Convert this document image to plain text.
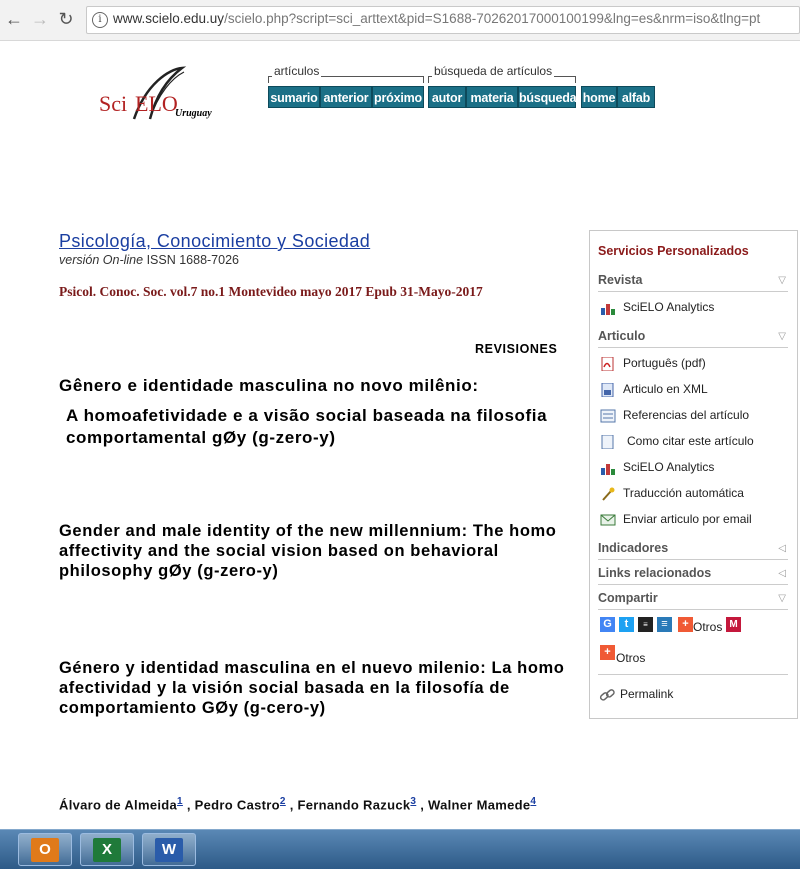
← → ↻	i www.scielo.edu.uy/scielo.php?script=sci_arttext&pid=S1688-70262017000100199&lng=es&nrm=iso&tlng=pt
Sci ELO
Uruguay
artículos
sumario anterior próximo
búsqueda de artículos
autor materia búsqueda home alfab
Psicología, Conocimiento y Sociedad
versión On-line ISSN 1688-7026
Psicol. Conoc. Soc. vol.7 no.1 Montevideo mayo 2017 Epub 31-Mayo-2017
REVISIONES
Gênero e identidade masculina no novo milênio:
A homoafetividade e a visão social baseada na filosofia comportamental gØy (g-zero-y)
Gender and male identity of the new millennium: The homo affectivity and the social vision based on behavioral philosophy gØy (g-zero-y)
Género y identidad masculina en el nuevo milenio: La homo afectividad y la visión social basada en la filosofía de comportamiento GØy (g-cero-y)
Álvaro de Almeida$^1$ , Pedro Castro$^2$ , Fernando Razuck$^3$ , Walner Mamede$^4$
Servicios Personalizados
Revista	▽
SciELO Analytics
Articulo	▽
Português (pdf)
Articulo en XML
Referencias del artículo
Como citar este artículo
SciELO Analytics
Traducción automática
Enviar articulo por email
Indicadores	◁
Links relacionados	◁
Compartir	▽
G	t	≡	≡	+ Otros M
+ Otros
Permalink
O	X	W
